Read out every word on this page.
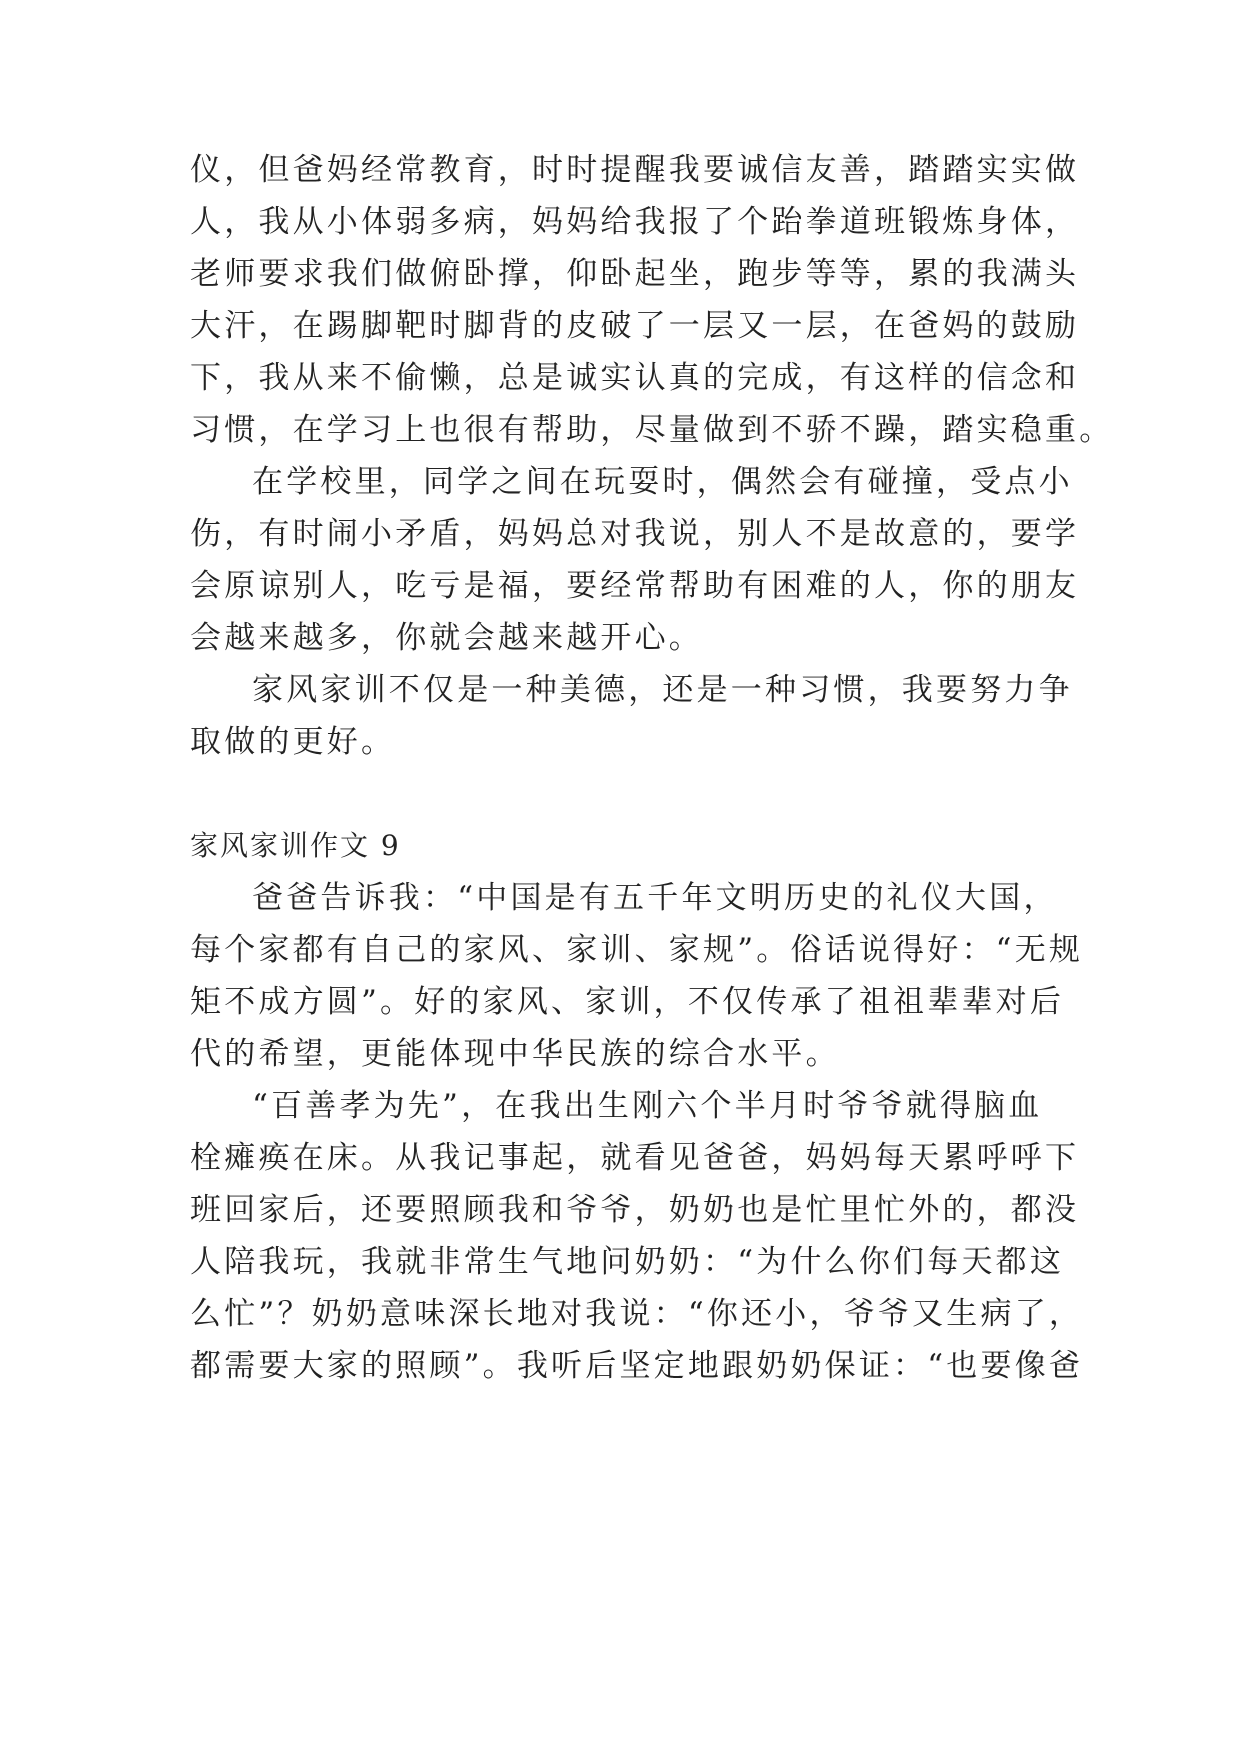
仪，但爸妈经常教育，时时提醒我要诚信友善，踏踏实实做
人，我从小体弱多病，妈妈给我报了个跆拳道班锻炼身体，
老师要求我们做俯卧撑，仰卧起坐，跑步等等，累的我满头
大汗，在踢脚靶时脚背的皮破了一层又一层，在爸妈的鼓励
下，我从来不偷懒，总是诚实认真的完成，有这样的信念和
习惯，在学习上也很有帮助，尽量做到不骄不躁，踏实稳重。
在学校里，同学之间在玩耍时，偶然会有碰撞，受点小
伤，有时闹小矛盾，妈妈总对我说，别人不是故意的，要学
会原谅别人，吃亏是福，要经常帮助有困难的人，你的朋友
会越来越多，你就会越来越开心。
家风家训不仅是一种美德，还是一种习惯，我要努力争
取做的更好。
家风家训作文 9
爸爸告诉我：“中国是有五千年文明历史的礼仪大国，
每个家都有自己的家风、家训、家规”。俗话说得好：“无规
矩不成方圆”。好的家风、家训，不仅传承了祖祖辈辈对后
代的希望，更能体现中华民族的综合水平。
“百善孝为先”，在我出生刚六个半月时爷爷就得脑血
栓瘫痪在床。从我记事起，就看见爸爸，妈妈每天累呼呼下
班回家后，还要照顾我和爷爷，奶奶也是忙里忙外的，都没
人陪我玩，我就非常生气地问奶奶：“为什么你们每天都这
么忙”？奶奶意味深长地对我说：“你还小，爷爷又生病了，
都需要大家的照顾”。我听后坚定地跟奶奶保证：“也要像爸
